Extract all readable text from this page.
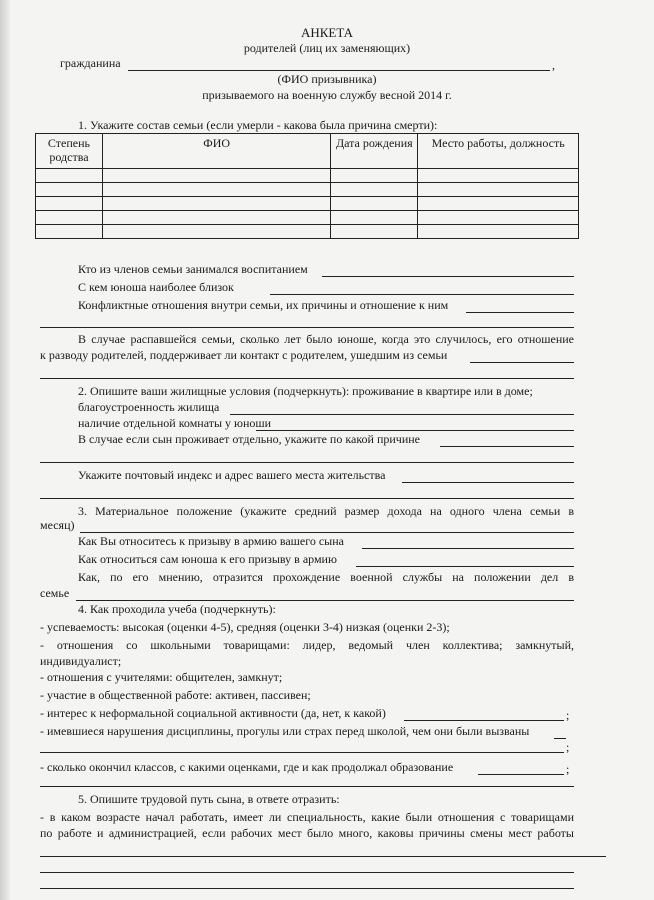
АНКЕТА
родителей (лиц их заменяющих)
гражданина	,
(ФИО призывника)
призываемого на военную службу весной 2014 г.
1. Укажите состав семьи (если умерли - какова была причина смерти):
Степень родства	ФИО	Дата рождения	Место работы, должность

Кто из членов семьи занимался воспитанием
С кем юноша наиболее близок
Конфликтные отношения внутри семьи, их причины и отношение к ним
В случае распавшейся семьи, сколько лет было юноше, когда это случилось, его отношение
к разводу родителей, поддерживает ли контакт с родителем, ушедшим из семьи
2. Опишите ваши жилищные условия (подчеркнуть): проживание в квартире или в доме;
благоустроенность жилища
наличие отдельной комнаты у юноши
В случае если сын проживает отдельно, укажите по какой причине
Укажите почтовый индекс и адрес вашего места жительства
3. Материальное положение (укажите средний размер дохода на одного члена семьи в
месяц)
Как Вы относитесь к призыву в армию вашего сына
Как относиться сам юноша к его призыву в армию
Как, по его мнению, отразится прохождение военной службы на положении дел в
семье
4. Как проходила учеба (подчеркнуть):
- успеваемость: высокая (оценки 4-5), средняя (оценки 3-4) низкая (оценки 2-3);
- отношения со школьными товарищами: лидер, ведомый член коллектива; замкнутый,
индивидуалист;
- отношения с учителями: общителен, замкнут;
- участие в общественной работе: активен, пассивен;
- интерес к неформальной социальной активности (да, нет, к какой)	;
- имевшиеся нарушения дисциплины, прогулы или страх перед школой, чем они были вызваны
;
- сколько окончил классов, с какими оценками, где и как продолжал образование	;
5. Опишите трудовой путь сына, в ответе отразить:
- в каком возрасте начал работать, имеет ли специальность, какие были отношения с товарищами
по работе и администрацией, если рабочих мест было много, каковы причины смены мест работы
